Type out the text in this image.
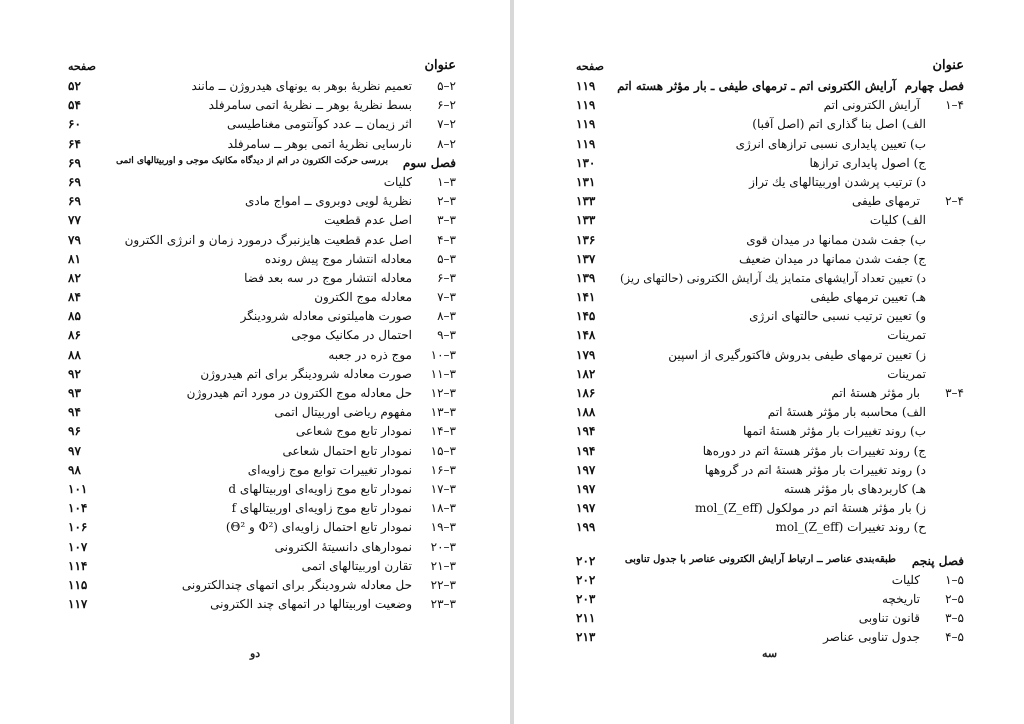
عنوان
صفحه
۲–۵
تعمیم نظریهٔ بوهر به یونهای هیدروژن ــ مانند
۵۲
۲–۶
بسط نظریهٔ بوهر ــ نظریهٔ اتمی سامرفلد
۵۴
۲–۷
اثر زیمان ــ عدد کوآنتومی مغناطیسی
۶۰
۲–۸
نارسایی نظریهٔ اتمی بوهر ــ سامرفلد
۶۴
فصل سوم
بررسی حرکت الکترون در اتم از دیدگاه مکانیک موجی و اوربیتالهای اتمی
۶۹
۳–۱
کلیات
۶۹
۳–۲
نظریهٔ لویی دوبروی ــ امواج مادی
۶۹
۳–۳
اصل عدم قطعیت
۷۷
۳–۴
اصل عدم قطعیت هایزنبرگ درمورد زمان و انرژی الکترون
۷۹
۳–۵
معادله انتشار موج پیش رونده
۸۱
۳–۶
معادله انتشار موج در سه بعد فضا
۸۲
۳–۷
معادله موج الکترون
۸۴
۳–۸
صورت هامیلتونی معادله شرودینگر
۸۵
۳–۹
احتمال در مکانیک موجی
۸۶
۳–۱۰
موج ذره در جعبه
۸۸
۳–۱۱
صورت معادله شرودینگر برای اتم هیدروژن
۹۲
۳–۱۲
حل معادله موج الکترون در مورد اتم هیدروژن
۹۳
۳–۱۳
مفهوم ریاضی اوربیتال اتمی
۹۴
۳–۱۴
نمودار تابع موج شعاعی
۹۶
۳–۱۵
نمودار تابع احتمال شعاعی
۹۷
۳–۱۶
نمودار تغییرات توابع موج زاویه‌ای
۹۸
۳–۱۷
نمودار تابع موج زاویه‌ای اوربیتالهای d
۱۰۱
۳–۱۸
نمودار تابع موج زاویه‌ای اوربیتالهای f
۱۰۴
۳–۱۹
نمودار تابع احتمال زاویه‌ای (Φ² و Θ²)
۱۰۶
۳–۲۰
نمودارهای دانسیتهٔ الکترونی
۱۰۷
۳–۲۱
تقارن اوربیتالهای اتمی
۱۱۴
۳–۲۲
حل معادله شرودینگر برای اتمهای چندالکترونی
۱۱۵
۳–۲۳
وضعیت اوربیتالها در اتمهای چند الکترونی
۱۱۷
دو
عنوان
صفحه
فصل چهارم
آرایش الکترونی اتم ـ ترمهای طیفی ـ بار مؤثر هسته اتم
۱۱۹
۴–۱
آرایش الکترونی اتم
۱۱۹
الف) اصل بنا گذاری اتم (اصل آفبا)
۱۱۹
ب) تعیین پایداری نسبی ترازهای انرژی
۱۱۹
ج) اصول پایداری ترازها
۱۳۰
د) ترتیب پرشدن اوربیتالهای یك تراز
۱۳۱
۴–۲
ترمهای طیفی
۱۳۳
الف) کلیات
۱۳۳
ب) جفت شدن ممانها در میدان قوی
۱۳۶
ج) جفت شدن ممانها در میدان ضعیف
۱۳۷
د) تعیین تعداد آرایشهای متمایز یك آرایش الکترونی (حالتهای ریز)
۱۳۹
هـ) تعیین ترمهای طیفی
۱۴۱
و) تعیین ترتیب نسبی حالتهای انرژی
۱۴۵
تمرینات
۱۴۸
ز) تعیین ترمهای طیفی بدروش فاکتورگیری از اسپین
۱۷۹
تمرینات
۱۸۲
۴–۳
بار مؤثر هستهٔ اتم
۱۸۶
الف) محاسبه بار مؤثر هستهٔ اتم
۱۸۸
ب) روند تغییرات بار مؤثر هستهٔ اتمها
۱۹۴
ج) روند تغییرات بار مؤثر هستهٔ اتم در دوره‌ها
۱۹۴
د) روند تغییرات بار مؤثر هستهٔ اتم در گروهها
۱۹۷
هـ) کاربردهای بار مؤثر هسته
۱۹۷
ز) بار مؤثر هستهٔ اتم در مولکول (Z_eff)_mol
۱۹۷
ح) روند تغییرات (Z_eff)_mol
۱۹۹
فصل پنجم
طبقه‌بندی عناصر ــ ارتباط آرایش الکترونی عناصر با جدول تناوبی
۲۰۲
۵–۱
کلیات
۲۰۲
۵–۲
تاریخچه
۲۰۳
۵–۳
قانون تناوبی
۲۱۱
۵–۴
جدول تناوبی عناصر
۲۱۳
سه
